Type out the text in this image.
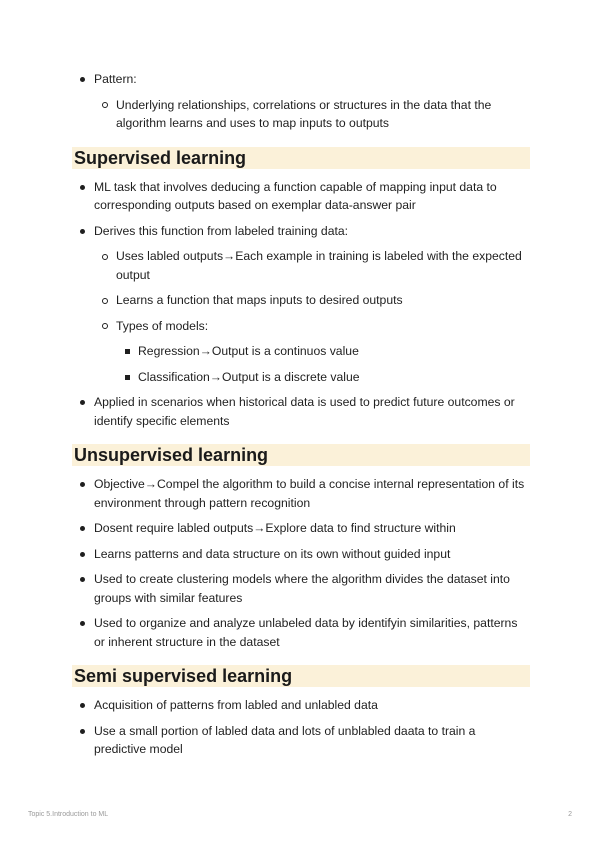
Pattern:
Underlying relationships, correlations or structures in the data that the algorithm learns and uses to map inputs to outputs
Supervised learning
ML task that involves deducing a function capable of mapping input data to corresponding outputs based on exemplar data-answer pair
Derives this function from labeled training data:
Uses labled outputs→Each example in training is labeled with the expected output
Learns a function that maps inputs to desired outputs
Types of models:
Regression→Output is a continuos value
Classification→Output is a discrete value
Applied in scenarios when historical data is used to predict future outcomes or identify specific elements
Unsupervised learning
Objective→Compel the algorithm to build a concise internal representation of its environment through pattern recognition
Dosent require labled outputs→Explore data to find structure within
Learns patterns and data structure on its own without guided input
Used to create clustering models where the algorithm divides the dataset into groups with similar features
Used to organize and analyze unlabeled data by identifyin similarities, patterns or inherent structure in the dataset
Semi supervised learning
Acquisition of patterns from labled and unlabled data
Use a small portion of labled data and lots of unblabled daata to train a predictive model
Topic 5.Introduction to ML	2
